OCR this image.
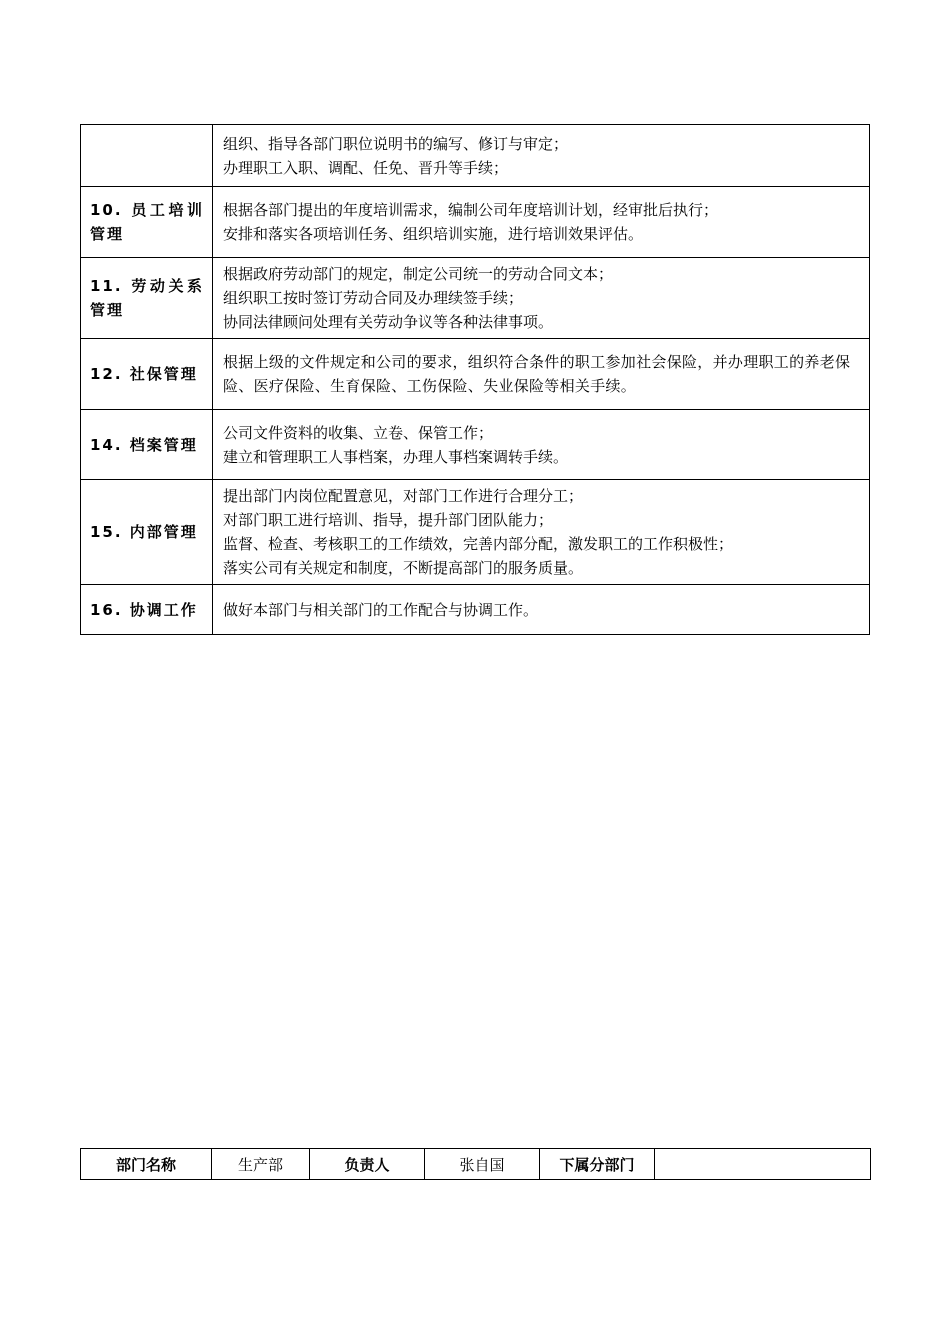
	组织、指导各部门职位说明书的编写、修订与审定；
办理职工入职、调配、任免、晋升等手续；

10. 员工培训管理	根据各部门提出的年度培训需求，编制公司年度培训计划，经审批后执行；
安排和落实各项培训任务、组织培训实施，进行培训效果评估。

11. 劳动关系管理	根据政府劳动部门的规定，制定公司统一的劳动合同文本；
组织职工按时签订劳动合同及办理续签手续；
协同法律顾问处理有关劳动争议等各种法律事项。

12. 社保管理	根据上级的文件规定和公司的要求，组织符合条件的职工参加社会保险，并办理职工的养老保险、医疗保险、生育保险、工伤保险、失业保险等相关手续。

14. 档案管理	公司文件资料的收集、立卷、保管工作；
建立和管理职工人事档案，办理人事档案调转手续。

15. 内部管理	提出部门内岗位配置意见，对部门工作进行合理分工；
对部门职工进行培训、指导，提升部门团队能力；
监督、检查、考核职工的工作绩效，完善内部分配，激发职工的工作积极性；
落实公司有关规定和制度，不断提高部门的服务质量。

16. 协调工作	做好本部门与相关部门的工作配合与协调工作。
部门名称	生产部	负责人	张自国	下属分部门	
